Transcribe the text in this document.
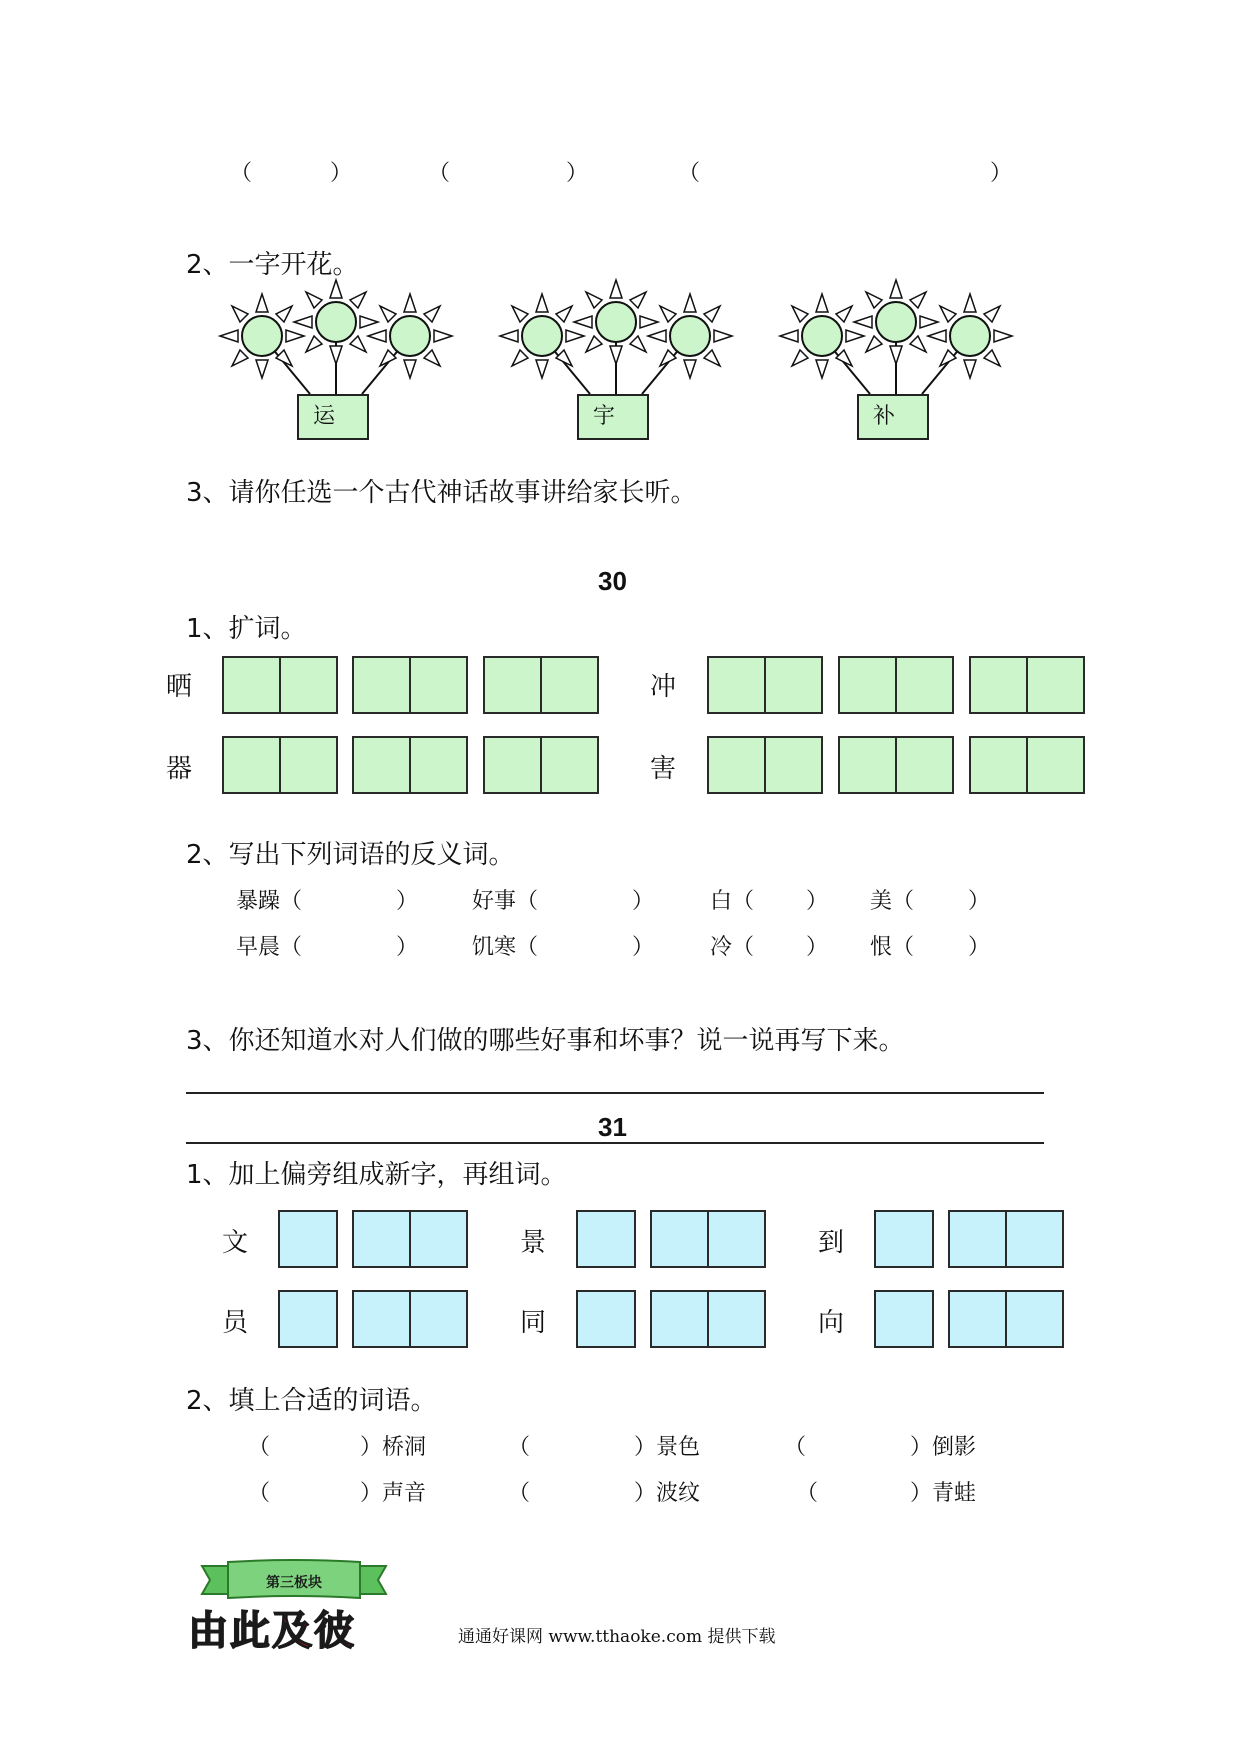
（	）	（	）	（	）
2、一字开花。
运	宇	补
3、请你任选一个古代神话故事讲给家长听。
30
1、扩词。
晒	冲
器	害
2、写出下列词语的反义词。
暴躁（	） 好事（	）	白（ ） 美（ ）
早晨（	） 饥寒（	）	冷（ ） 恨（ ）
3、你还知道水对人们做的哪些好事和坏事？说一说再写下来。
31
1、加上偏旁组成新字，再组词。
文	景	到
员	同	向
2、填上合适的词语。
（	）桥洞	（	）景色	（	）倒影
（	）声音	（	）波纹	（	）青蛙
第三板块
由此及彼	通通好课网 www.tthaoke.com 提供下载
